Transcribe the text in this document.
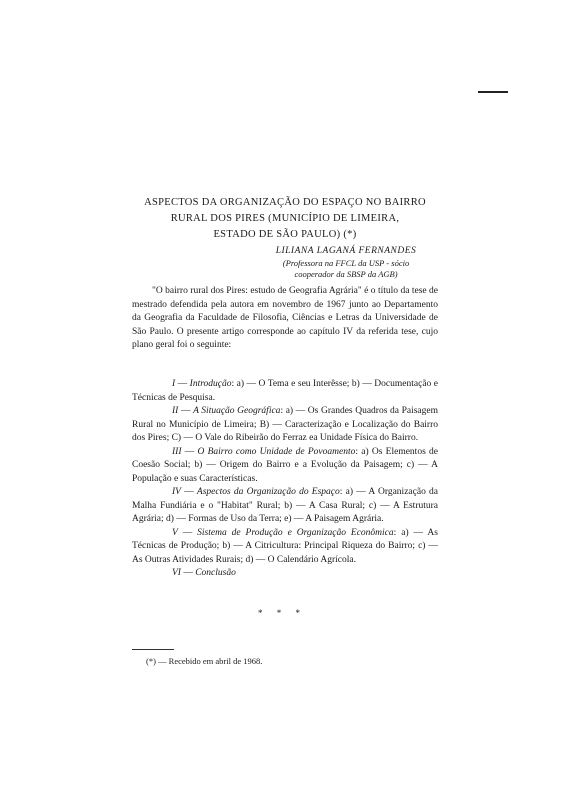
ASPECTOS DA ORGANIZAÇÃO DO ESPAÇO NO BAIRRO
RURAL DOS PIRES (MUNICÍPIO DE LIMEIRA,
ESTADO DE SÃO PAULO) (*)
LILIANA LAGANÁ FERNANDES
(Professora na FFCL da USP - sócio
cooperador da SBSP da AGB)

"O bairro rural dos Pires: estudo de Geografia Agrária" é o título da tese de mestrado defendida pela autora em novembro de 1967 junto ao Departamento da Geografia da Faculdade de Filosofia, Ciências e Letras da Universidade de São Paulo. O presente artigo corresponde ao capítulo IV da referida tese, cujo plano geral foi o seguinte:

I — Introdução: a) — O Tema e seu Interêsse; b) — Documentação e Técnicas de Pesquisa.

II — A Situação Geográfica: a) — Os Grandes Quadros da Paisagem Rural no Município de Limeira; B) — Caracterização e Localização do Bairro dos Pires; C) — O Vale do Ribeirão do Ferraz ea Unidade Física do Bairro.

III — O Bairro como Unidade de Povoamento: a) Os Elementos de Coesão Social; b) — Origem do Bairro e a Evolução da Paisagem; c) — A População e suas Características.

IV — Aspectos da Organização do Espaço: a) — A Organização da Malha Fundiária e o "Habitat" Rural; b) — A Casa Rural; c) — A Estrutura Agrária; d) — Formas de Uso da Terra; e) — A Paisagem Agrária.

V — Sistema de Produção e Organização Econômica: a) — As Técnicas de Produção; b) — A Citricultura: Principal Riqueza do Bairro; c) — As Outras Atividades Rurais; d) — O Calendário Agrícola.

VI — Conclusão

* * *
(*) — Recebido em abril de 1968.
